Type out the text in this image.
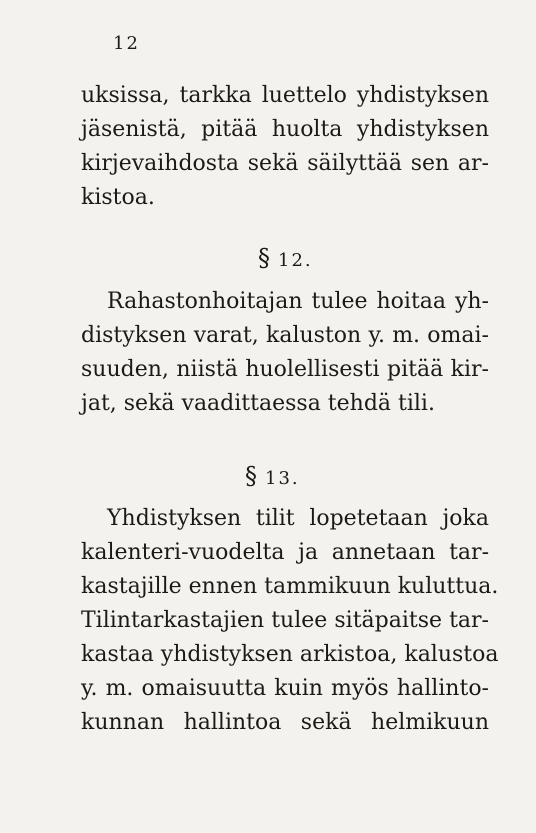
12
uksissa, tarkka luettelo yhdistyksen
jäsenistä, pitää huolta yhdistyksen
kirjevaihdosta sekä säilyttää sen ar-
kistoa.
§ 12.
Rahastonhoitajan tulee hoitaa yh-
distyksen varat, kaluston y. m. omai-
suuden, niistä huolellisesti pitää kir-
jat, sekä vaadittaessa tehdä tili.
§ 13.
Yhdistyksen tilit lopetetaan joka
kalenteri-vuodelta ja annetaan tar-
kastajille ennen tammikuun kuluttua.
Tilintarkastajien tulee sitäpaitse tar-
kastaa yhdistyksen arkistoa, kalustoa
y. m. omaisuutta kuin myös hallinto-
kunnan hallintoa sekä helmikuun
